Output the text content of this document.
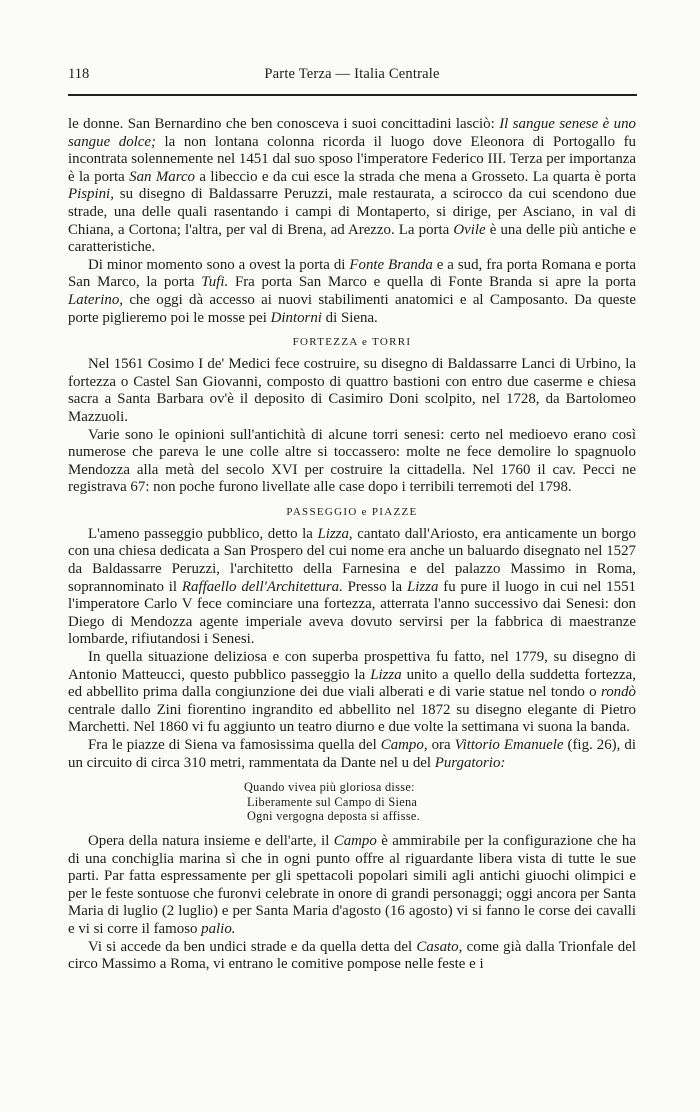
118	Parte Terza — Italia Centrale

le donne. San Bernardino che ben conosceva i suoi concittadini lasciò: Il sangue senese è uno sangue dolce; la non lontana colonna ricorda il luogo dove Eleonora di Portogallo fu incontrata solennemente nel 1451 dal suo sposo l'imperatore Federico III. Terza per importanza è la porta San Marco a libeccio e da cui esce la strada che mena a Grosseto. La quarta è porta Pispini, su disegno di Baldassarre Peruzzi, male restaurata, a scirocco da cui scendono due strade, una delle quali rasentando i campi di Montaperto, si dirige, per Asciano, in val di Chiana, a Cortona; l'altra, per val di Brena, ad Arezzo. La porta Ovile è una delle più antiche e caratteristiche.

Di minor momento sono a ovest la porta di Fonte Branda e a sud, fra porta Romana e porta San Marco, la porta Tufi. Fra porta San Marco e quella di Fonte Branda si apre la porta Laterino, che oggi dà accesso ai nuovi stabilimenti anatomici e al Camposanto. Da queste porte piglieremo poi le mosse pei Dintorni di Siena.

FORTEZZA e TORRI

Nel 1561 Cosimo I de' Medici fece costruire, su disegno di Baldassarre Lanci di Urbino, la fortezza o Castel San Giovanni, composto di quattro bastioni con entro due caserme e chiesa sacra a Santa Barbara ov'è il deposito di Casimiro Doni scolpito, nel 1728, da Bartolomeo Mazzuoli.

Varie sono le opinioni sull'antichità di alcune torri senesi: certo nel medioevo erano così numerose che pareva le une colle altre si toccassero: molte ne fece demolire lo spagnuolo Mendozza alla metà del secolo XVI per costruire la cittadella. Nel 1760 il cav. Pecci ne registrava 67: non poche furono livellate alle case dopo i terribili terremoti del 1798.

PASSEGGIO e PIAZZE

L'ameno passeggio pubblico, detto la Lizza, cantato dall'Ariosto, era anticamente un borgo con una chiesa dedicata a San Prospero del cui nome era anche un baluardo disegnato nel 1527 da Baldassarre Peruzzi, l'architetto della Farnesina e del palazzo Massimo in Roma, soprannominato il Raffaello dell'Architettura. Presso la Lizza fu pure il luogo in cui nel 1551 l'imperatore Carlo V fece cominciare una fortezza, atterrata l'anno successivo dai Senesi: don Diego di Mendozza agente imperiale aveva dovuto servirsi per la fabbrica di maestranze lombarde, rifiutandosi i Senesi.

In quella situazione deliziosa e con superba prospettiva fu fatto, nel 1779, su disegno di Antonio Matteucci, questo pubblico passeggio la Lizza unito a quello della suddetta fortezza, ed abbellito prima dalla congiunzione dei due viali alberati e di varie statue nel tondo o rondò centrale dallo Zini fiorentino ingrandito ed abbellito nel 1872 su disegno elegante di Pietro Marchetti. Nel 1860 vi fu aggiunto un teatro diurno e due volte la settimana vi suona la banda.

Fra le piazze di Siena va famosissima quella del Campo, ora Vittorio Emanuele (fig. 26), di un circuito di circa 310 metri, rammentata da Dante nel u del Purgatorio:

Quando vivea più gloriosa disse:
Liberamente sul Campo di Siena
Ogni vergogna deposta si affisse.

Opera della natura insieme e dell'arte, il Campo è ammirabile per la configurazione che ha di una conchiglia marina sì che in ogni punto offre al riguardante libera vista di tutte le sue parti. Par fatta espressamente per gli spettacoli popolari simili agli antichi giuochi olimpici e per le feste sontuose che furonvi celebrate in onore di grandi personaggi; oggi ancora per Santa Maria di luglio (2 luglio) e per Santa Maria d'agosto (16 agosto) vi si fanno le corse dei cavalli e vi si corre il famoso palio.

Vi si accede da ben undici strade e da quella detta del Casato, come già dalla Trionfale del circo Massimo a Roma, vi entrano le comitive pompose nelle feste e i
